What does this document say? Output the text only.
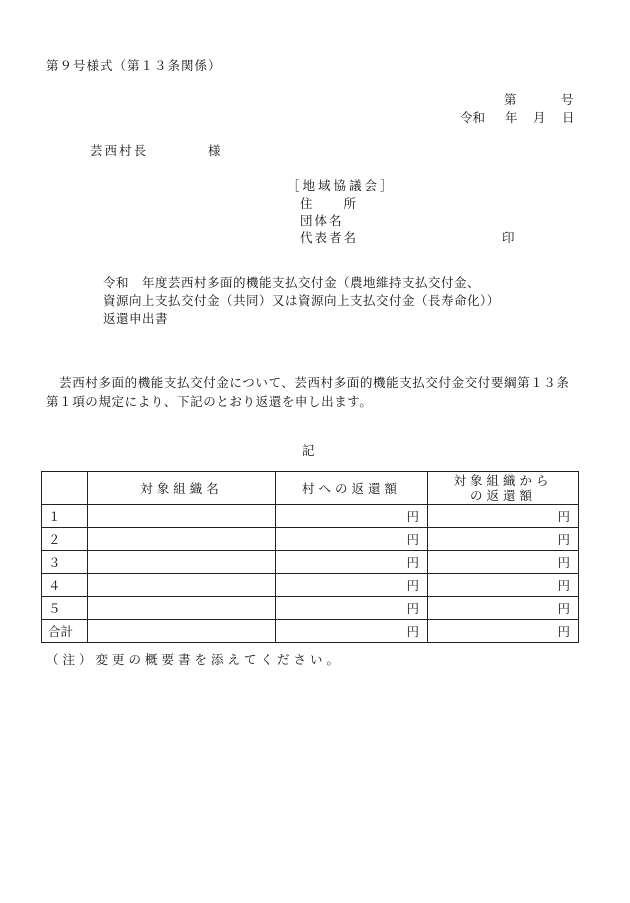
第９号様式（第１３条関係）
第	号
令和 年 月 日
芸西村長	様
［地域協議会］
住　　所
団体名
代表者名	印
令和　年度芸西村多面的機能支払交付金（農地維持支払交付金、
資源向上支払交付金（共同）又は資源向上支払交付金（長寿命化））
返還申出書
　芸西村多面的機能支払交付金について、芸西村多面的機能支払交付金交付要綱第１３条第１項の規定により、下記のとおり返還を申し出ます。
記
	対象組織名	村への返還額	対象組織からの返還額
１		円	円
２		円	円
３		円	円
４		円	円
５		円	円
合計		円	円
（注）変更の概要書を添えてください。
